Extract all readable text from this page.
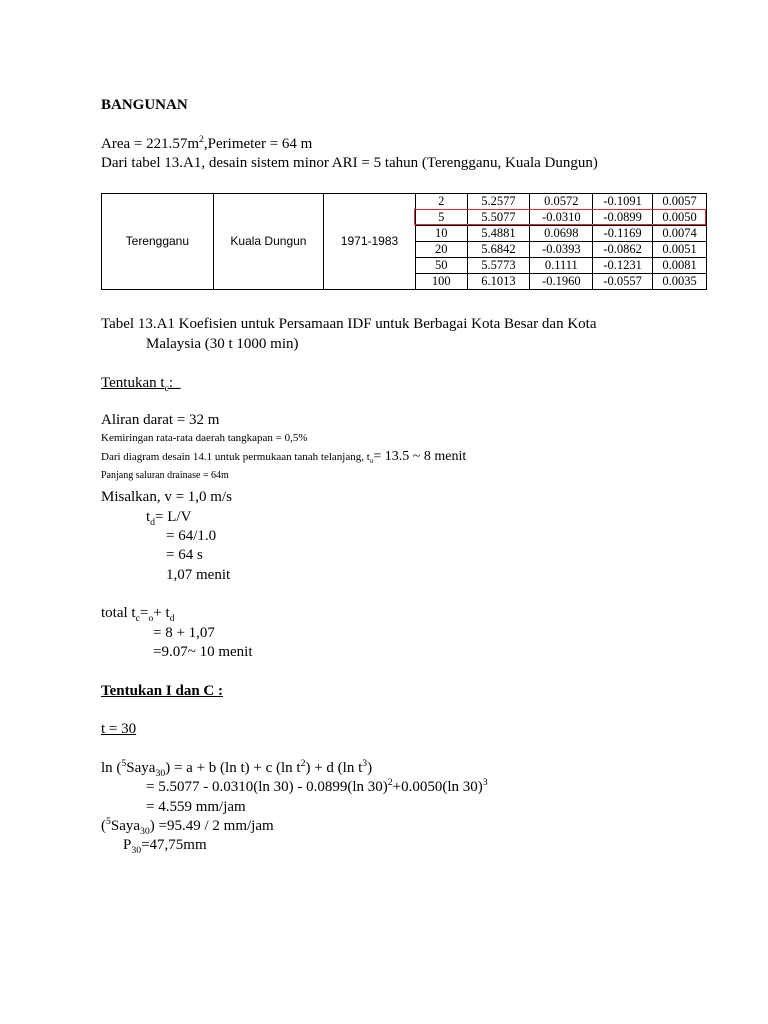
BANGUNAN
Area = $221.57m^2,Perimeter = 64$ m
Dari tabel 13.A1, desain sistem minor ARI = 5 tahun (Terengganu, Kuala Dungun)
Terengganu	Kuala Dungun	1971-1983	2	5.2577	0.0572	-0.1091	0.0057
			5	5.5077	-0.0310	-0.0899	0.0050
			10	5.4881	0.0698	-0.1169	0.0074
			20	5.6842	-0.0393	-0.0862	0.0051
			50	5.5773	0.1111	-0.1231	0.0081
			100	6.1013	-0.1960	-0.0557	0.0035
Tabel 13.A1 Koefisien untuk Persamaan IDF untuk Berbagai Kota Besar dan Kota
Malaysia (30 t 1000 min)
Tentukan $t_c:\_$
Aliran darat = 32 m
Kemiringan rata-rata daerah tangkapan = 0,5%
Dari diagram desain 14.1 untuk permukaan tanah telanjang, $t_o= 13.5$ ~ 8 menit
Panjang saluran drainase = 64m
Misalkan, v = 1,0 m/s
$t_d= L/V$
= 64/1.0
= 64 s
1,07 menit
total $t_c=_o+ t_d$
= 8 + 1,07
=9.07~ 10 menit
Tentukan I dan C :
t = 30
ln ($^5$Saya$_{30}$) = a + b (ln t) + c (ln $t^2) + d$ (ln $t^3$)
= 5.5077 - 0.0310(ln 30) - 0.0899(ln 30)$^2$+0.0050(ln 30)$^3$
= 4.559 mm/jam
($^5$Saya$_{30}$) =95.49 / 2 mm/jam
$P_{30}=47,75mm$
